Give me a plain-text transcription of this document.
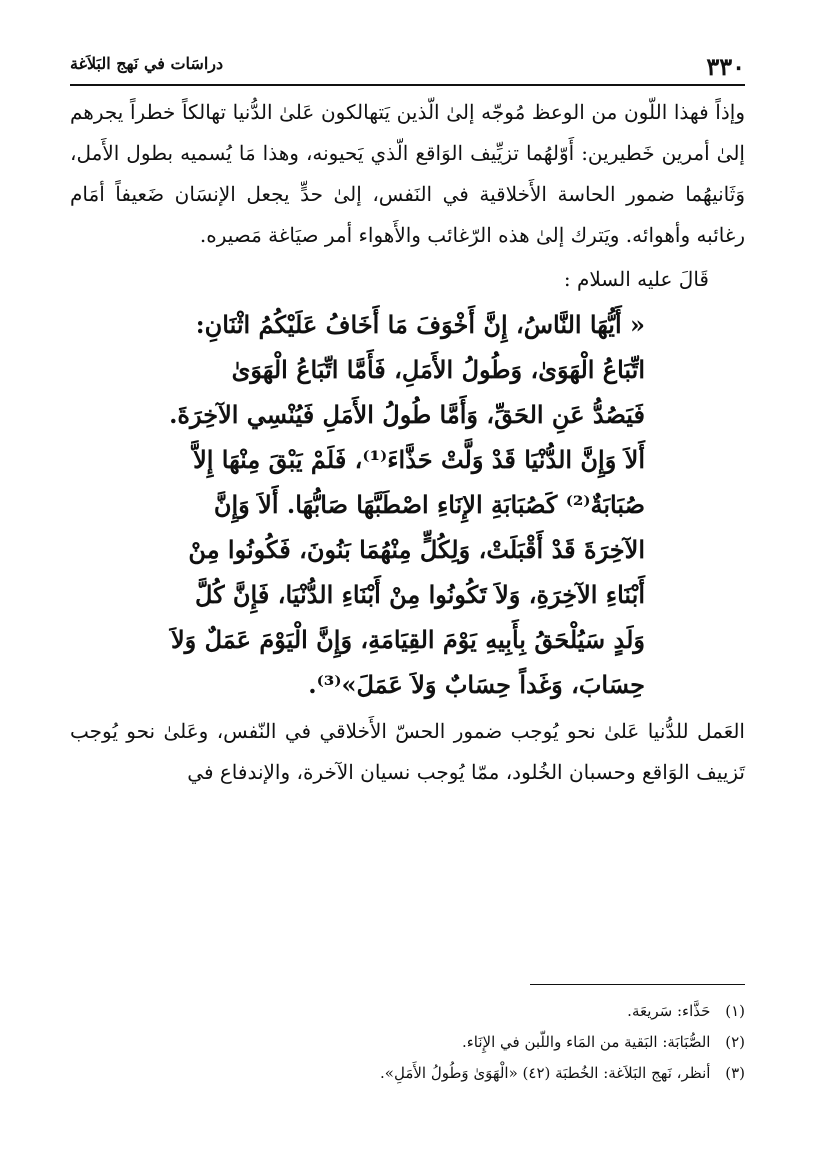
٣٣٠
دراسَات في نَهج البَلاَغة

وإذاً فهذا اللّون من الوعظ مُوجّه إلىٰ الّذين يَتهالكون عَلىٰ الدُّنيا تهالكاً خطراً يجرهم إلىٰ أمرين خَطيرين: أَوّلهُما تزيِّيف الوَاقع الّذي يَحيونه، وهذا مَا يُسميه بطول الأَمل، وَثَانيهُما ضمور الحاسة الأَخلاقية في النَفس، إلىٰ حدٍّ يجعل الإنسَان ضَعيفاً أمَام رغائبه وأهوائه. ويَترك إلىٰ هذه الرّغائب والأَهواء أمر صيَاغة مَصيره.

قَالَ عليه السلام :

« أَيُّهَا النَّاسُ، إِنَّ أَخْوَفَ مَا أَخَافُ عَلَيْكُمُ اثْنَانِ:

اتِّبَاعُ الْهَوَىٰ، وَطُولُ الأَمَلِ، فَأَمَّا اتِّبَاعُ الْهَوَىٰ

فَيَصُدُّ عَنِ الحَقِّ، وَأَمَّا طُولُ الأَمَلِ فَيُنْسِي الآخِرَةَ.

أَلاَ وَإِنَّ الدُّنْيَا قَدْ وَلَّتْ حَذَّاءَ⁽¹⁾، فَلَمْ يَبْقَ مِنْهَا إِلاَّ

صُبَابَةٌ⁽²⁾ كَصُبَابَةِ الإِنَاءِ اصْطَبَّهَا صَابُّهَا. أَلاَ وَإِنَّ

الآخِرَةَ قَدْ أَقْبَلَتْ، وَلِكُلٍّ مِنْهُمَا بَنُونَ، فَكُونُوا مِنْ

أَبْنَاءِ الآخِرَةِ، وَلاَ تَكُونُوا مِنْ أَبْنَاءِ الدُّنْيَا، فَإِنَّ كُلَّ

وَلَدٍ سَيُلْحَقُ بِأَبِيهِ يَوْمَ القِيَامَةِ، وَإِنَّ الْيَوْمَ عَمَلٌ وَلاَ

حِسَابَ، وَغَداً حِسَابٌ وَلاَ عَمَلَ»⁽³⁾.

العَمل للدُّنيا عَلىٰ نحو يُوجب ضمور الحسّ الأَخلاقي في النّفس، وعَلىٰ نحو يُوجب تَزييف الوَاقع وحسبان الخُلود، ممّا يُوجب نسيان الآخرة، والإندفاع في

(١) حَذَّاء: سَريعَة.

(٢) الصُّبَابَة: البَقية من المَاء واللّبن في الإِنَاء.

(٣) أنظر، نَهج البَلاَغة: الخُطبَة (٤٢) «الْهَوَىٰ وَطُولُ الأَمَلِ».
